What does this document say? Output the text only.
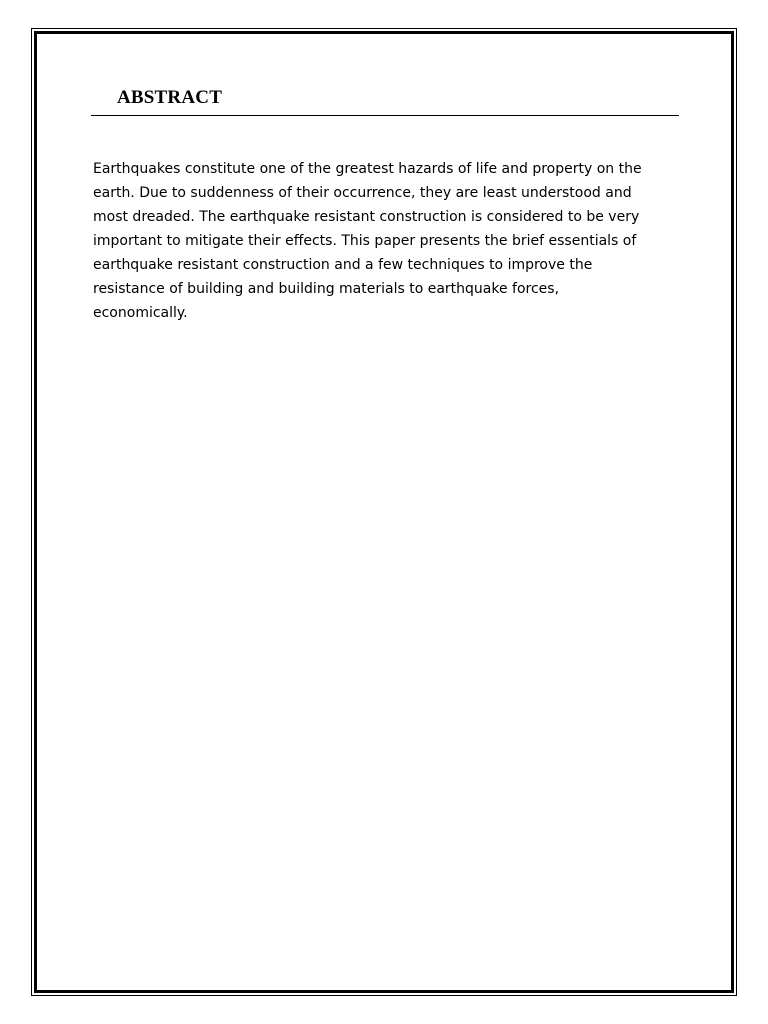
ABSTRACT

Earthquakes constitute one of the greatest hazards of life and property on the
earth. Due to suddenness of their occurrence, they are least understood and
most dreaded. The earthquake resistant construction is considered to be very
important to mitigate their effects. This paper presents the brief essentials of
earthquake resistant construction and a few techniques to improve the
resistance of building and building materials to earthquake forces,
economically.
